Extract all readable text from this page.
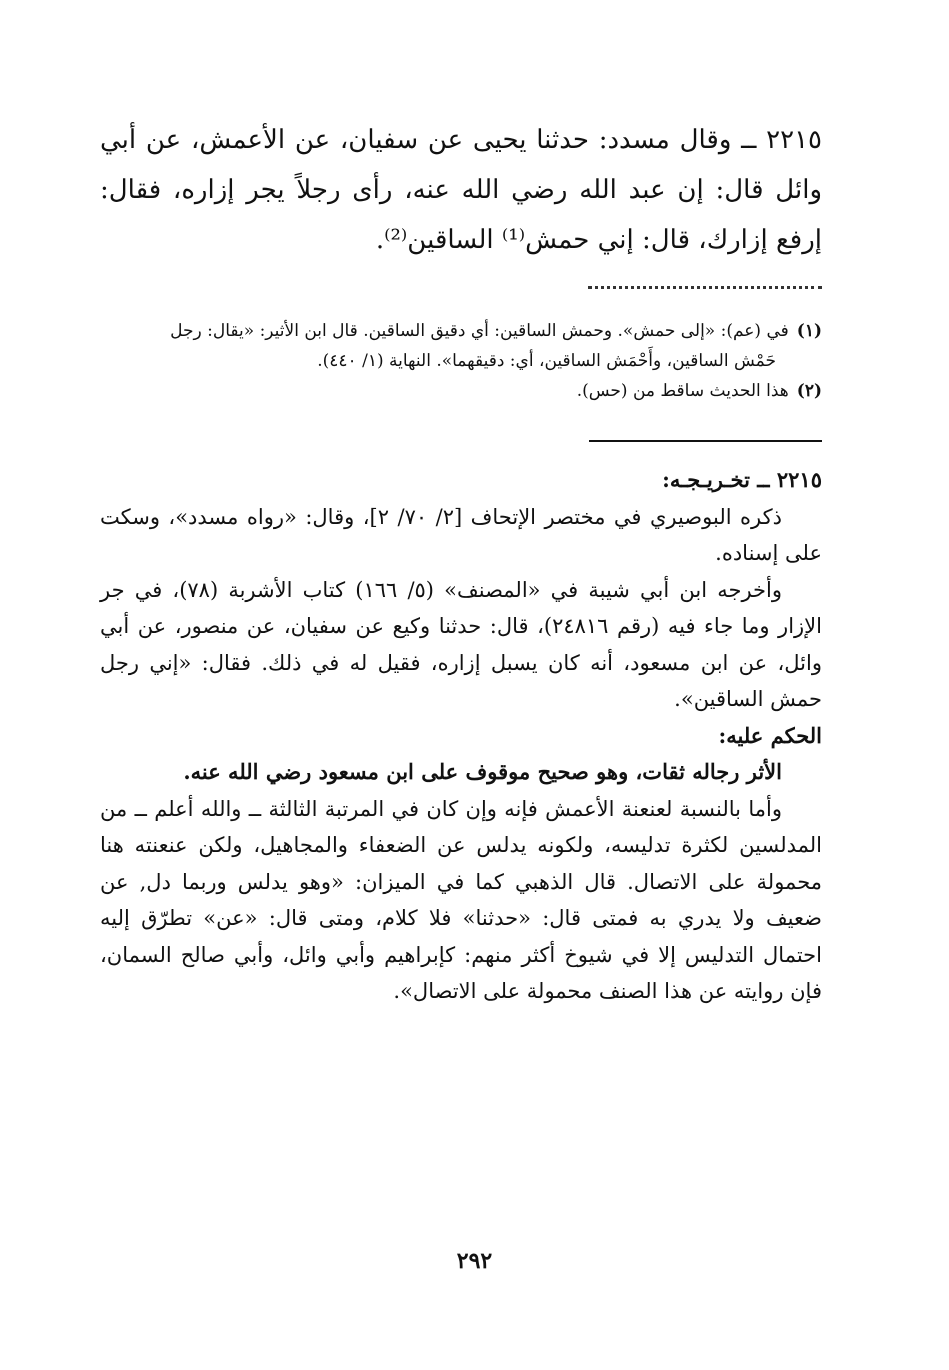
٢٢١٥ ــ وقال مسدد: حدثنا يحيى عن سفيان، عن الأعمش، عن أبي وائل قال: إن عبد الله رضي الله عنه، رأى رجلاً يجر إزاره، فقال: إرفع إزارك، قال: إني حمش⁽¹⁾ الساقين⁽²⁾.

(١)في (عم): «إلى حمش». وحمش الساقين: أي دقيق الساقين. قال ابن الأثير: «يقال: رجل

حَمْش الساقين، وأَحْمَش الساقين، أي: دقيقهما». النهاية (١/ ٤٤٠).

(٢)هذا الحديث ساقط من (حس).

٢٢١٥ ــ تخـريـجـه:

ذكره البوصيري في مختصر الإتحاف [٢/ ٧٠/ ٢]، وقال: «رواه مسدد»، وسكت على إسناده.

وأخرجه ابن أبي شيبة في «المصنف» (٥/ ١٦٦) كتاب الأشربة (٧٨)، في جر الإزار وما جاء فيه (رقم ٢٤٨١٦)، قال: حدثنا وكيع عن سفيان، عن منصور، عن أبي وائل، عن ابن مسعود، أنه كان يسبل إزاره، فقيل له في ذلك. فقال: «إني رجل حمش الساقين».

الحكم عليه:

الأثر رجاله ثقات، وهو صحيح موقوف على ابن مسعود رضي الله عنه.

وأما بالنسبة لعنعنة الأعمش فإنه وإن كان في المرتبة الثالثة ــ والله أعلم ــ من المدلسين لكثرة تدليسه، ولكونه يدلس عن الضعفاء والمجاهيل، ولكن عنعنته هنا محمولة على الاتصال. قال الذهبي كما في الميزان: «وهو يدلس وربما دل, عن ضعيف ولا يدري به فمتى قال: «حدثنا» فلا كلام، ومتى قال: «عن» تطرّق إليه احتمال التدليس إلا في شيوخ أكثر منهم: كإبراهيم وأبي وائل، وأبي صالح السمان، فإن روايته عن هذا الصنف محمولة على الاتصال».

٢٩٢
